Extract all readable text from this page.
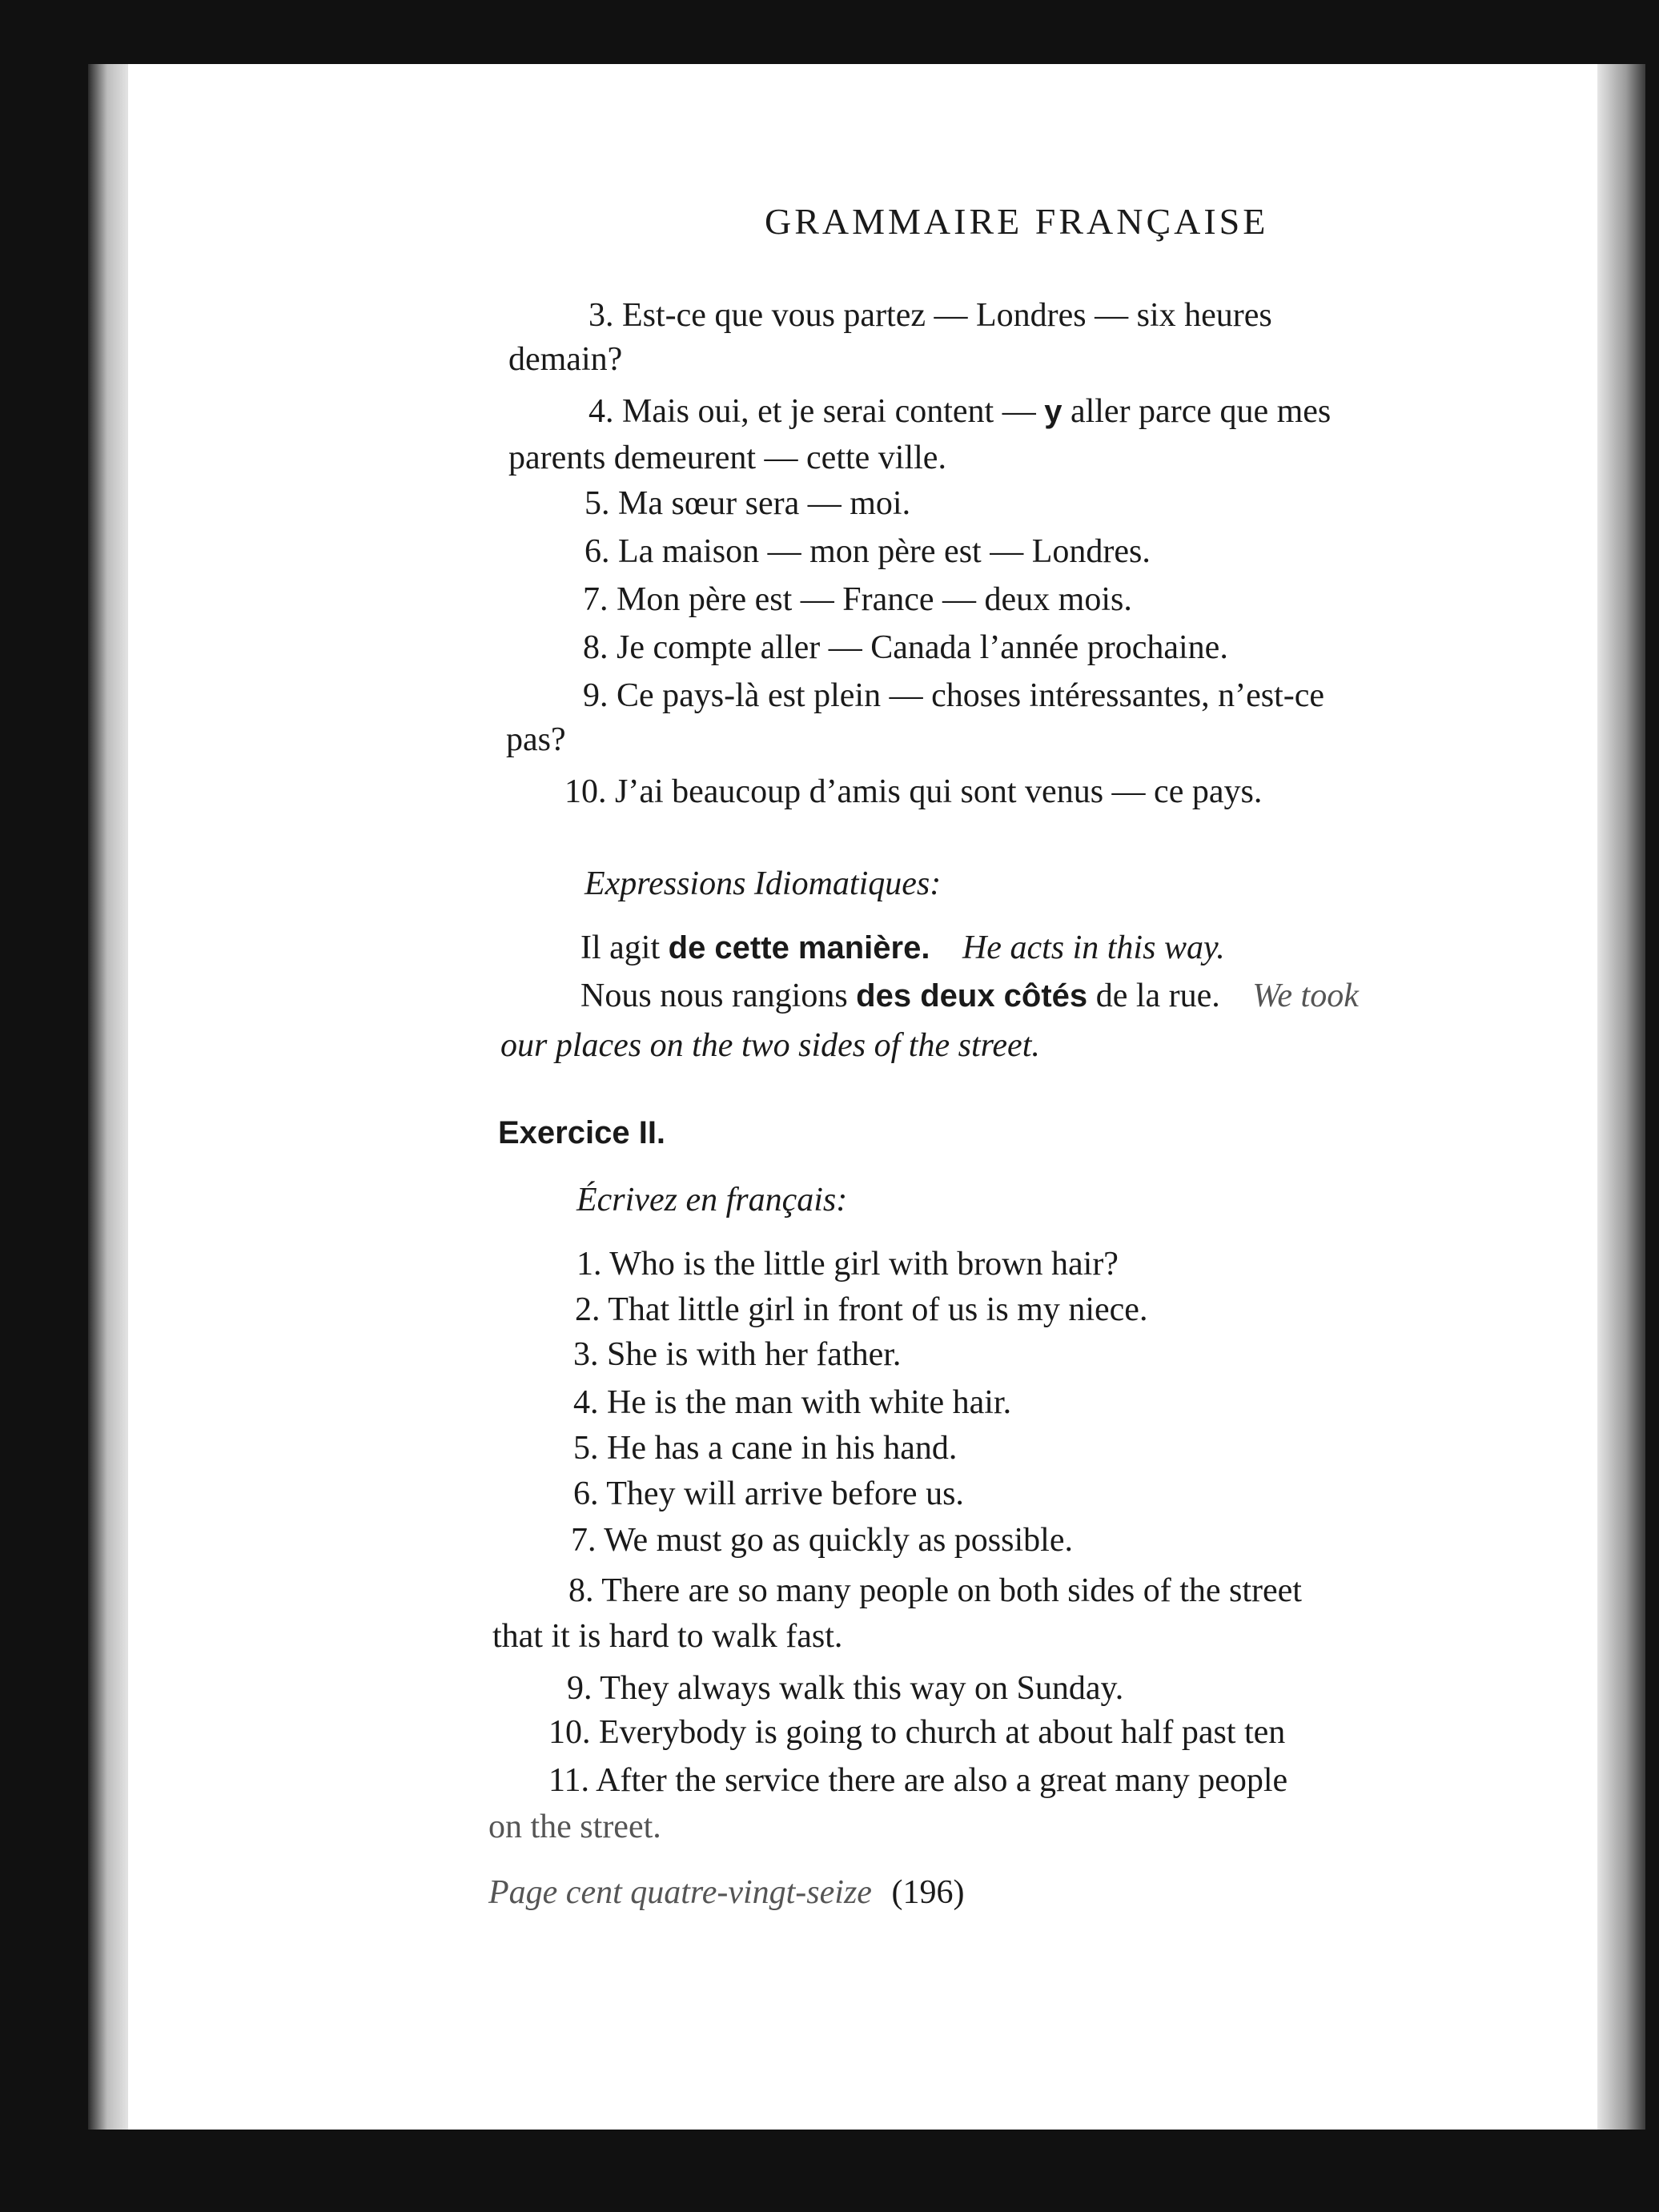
GRAMMAIRE FRANÇAISE
3. Est-ce que vous partez — Londres — six heures
demain?
4. Mais oui, et je serai content — y aller parce que mes
parents demeurent — cette ville.
5. Ma sœur sera — moi.
6. La maison — mon père est — Londres.
7. Mon père est — France — deux mois.
8. Je compte aller — Canada l’année prochaine.
9. Ce pays-là est plein — choses intéressantes, n’est-ce
pas?
10. J’ai beaucoup d’amis qui sont venus — ce pays.
Expressions Idiomatiques:
Il agit de cette manière. He acts in this way.
Nous nous rangions des deux côtés de la rue. We took
our places on the two sides of the street.
Exercice II.
Écrivez en français:
1. Who is the little girl with brown hair?
2. That little girl in front of us is my niece.
3. She is with her father.
4. He is the man with white hair.
5. He has a cane in his hand.
6. They will arrive before us.
7. We must go as quickly as possible.
8. There are so many people on both sides of the street
that it is hard to walk fast.
9. They always walk this way on Sunday.
10. Everybody is going to church at about half past ten
11. After the service there are also a great many people
on the street.
Page cent quatre-vingt-seize (196)
